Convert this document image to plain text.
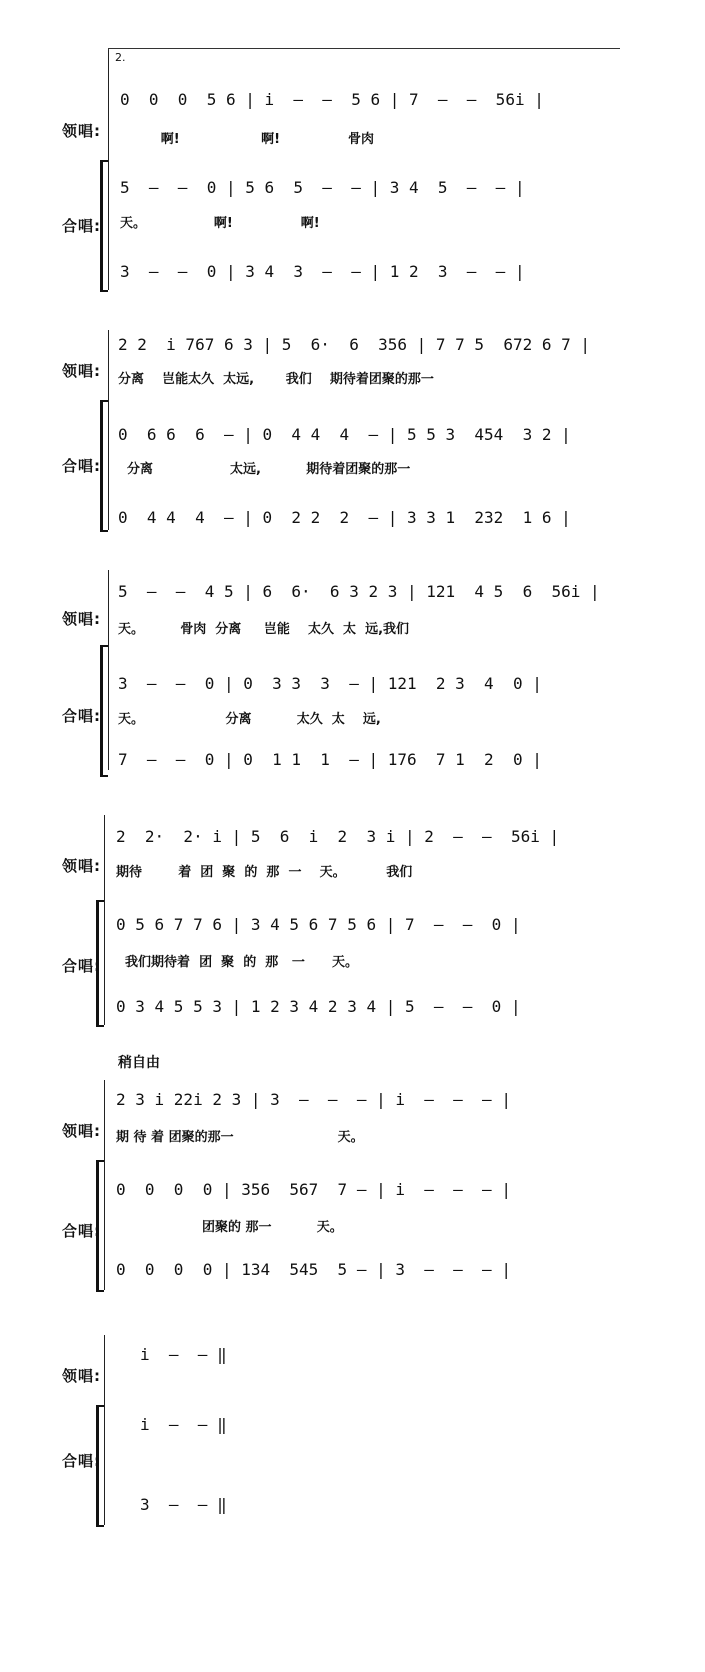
2.
领唱:
合唱:
0  0  0  5 6 | i  –  –  5 6 | 7  –  –  56i |
啊!                  啊!               骨肉
5  –  –  0 | 5 6  5  –  – | 3 4  5  –  – |
天。               啊!               啊!
3  –  –  0 | 3 4  3  –  – | 1 2  3  –  – |
领唱:
合唱:
2 2  i 767 6 3 | 5  6·  6  356 | 7 7 5  672 6 7 |
分离    岂能太久  太远,       我们    期待着团聚的那一
0  6 6  6  – | 0  4 4  4  – | 5 5 3  454  3 2 |
分离                 太远,          期待着团聚的那一
0  4 4  4  – | 0  2 2  2  – | 3 3 1  232  1 6 |
领唱:
合唱:
5  –  –  4 5 | 6  6·  6 3 2 3 | 121  4 5  6  56i |
天。        骨肉  分离     岂能    太久  太  远,我们
3  –  –  0 | 0  3 3  3  – | 121  2 3  4  0 |
天。                  分离          太久  太    远,
7  –  –  0 | 0  1 1  1  – | 176  7 1  2  0 |
领唱:
合唱:
2  2·  2· i | 5  6  i  2  3 i | 2  –  –  56i |
期待        着  团  聚  的  那  一    天。         我们
0 5 6 7 7 6 | 3 4 5 6 7 5 6 | 7  –  –  0 |
我们期待着  团  聚  的  那   一      天。
0 3 4 5 5 3 | 1 2 3 4 2 3 4 | 5  –  –  0 |
稍自由
领唱:
合唱:
2 3 i 22i 2 3 | 3  –  –  – | i  –  –  – |
期 待 着 团聚的那一                       天。
0  0  0  0 | 356  567  7 – | i  –  –  – |
团聚的 那一          天。
0  0  0  0 | 134  545  5 – | 3  –  –  – |
领唱:
合唱:
i  –  – ‖
i  –  – ‖
3  –  – ‖
